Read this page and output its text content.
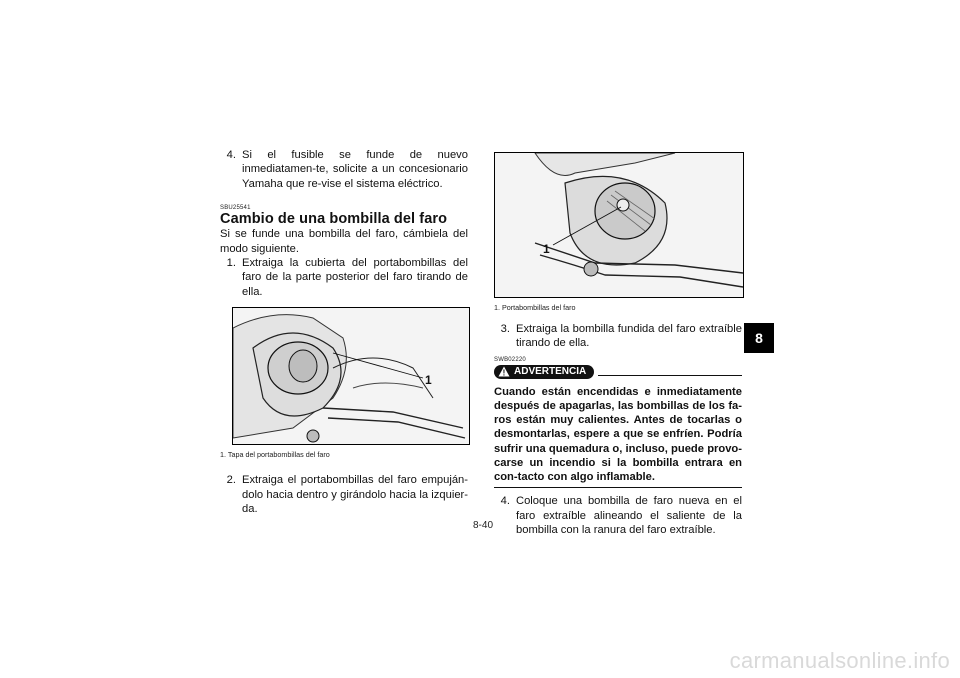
4. Si el fusible se funde de nuevo inmediatamen-te, solicite a un concesionario Yamaha que re-vise el sistema eléctrico.
SBU25541
Cambio de una bombilla del faro

Si se funde una bombilla del faro, cámbiela del modo siguiente.

1. Extraiga la cubierta del portabombillas del faro de la parte posterior del faro tirando de ella.
1
1. Tapa del portabombillas del faro
2. Extraiga el portabombillas del faro empuján-dolo hacia dentro y girándolo hacia la izquier-da.
1
1. Portabombillas del faro
3. Extraiga la bombilla fundida del faro extraíble tirando de ella.
SWB02220
! ADVERTENCIA

Cuando están encendidas e inmediatamente después de apagarlas, las bombillas de los fa-ros están muy calientes. Antes de tocarlas o desmontarlas, espere a que se enfríen. Podría sufrir una quemadura o, incluso, puede provo-carse un incendio si la bombilla entrara en con-tacto con algo inflamable.

4. Coloque una bombilla de faro nueva en el faro extraíble alineando el saliente de la bombilla con la ranura del faro extraíble.
8
8-40
carmanualsonline.info
